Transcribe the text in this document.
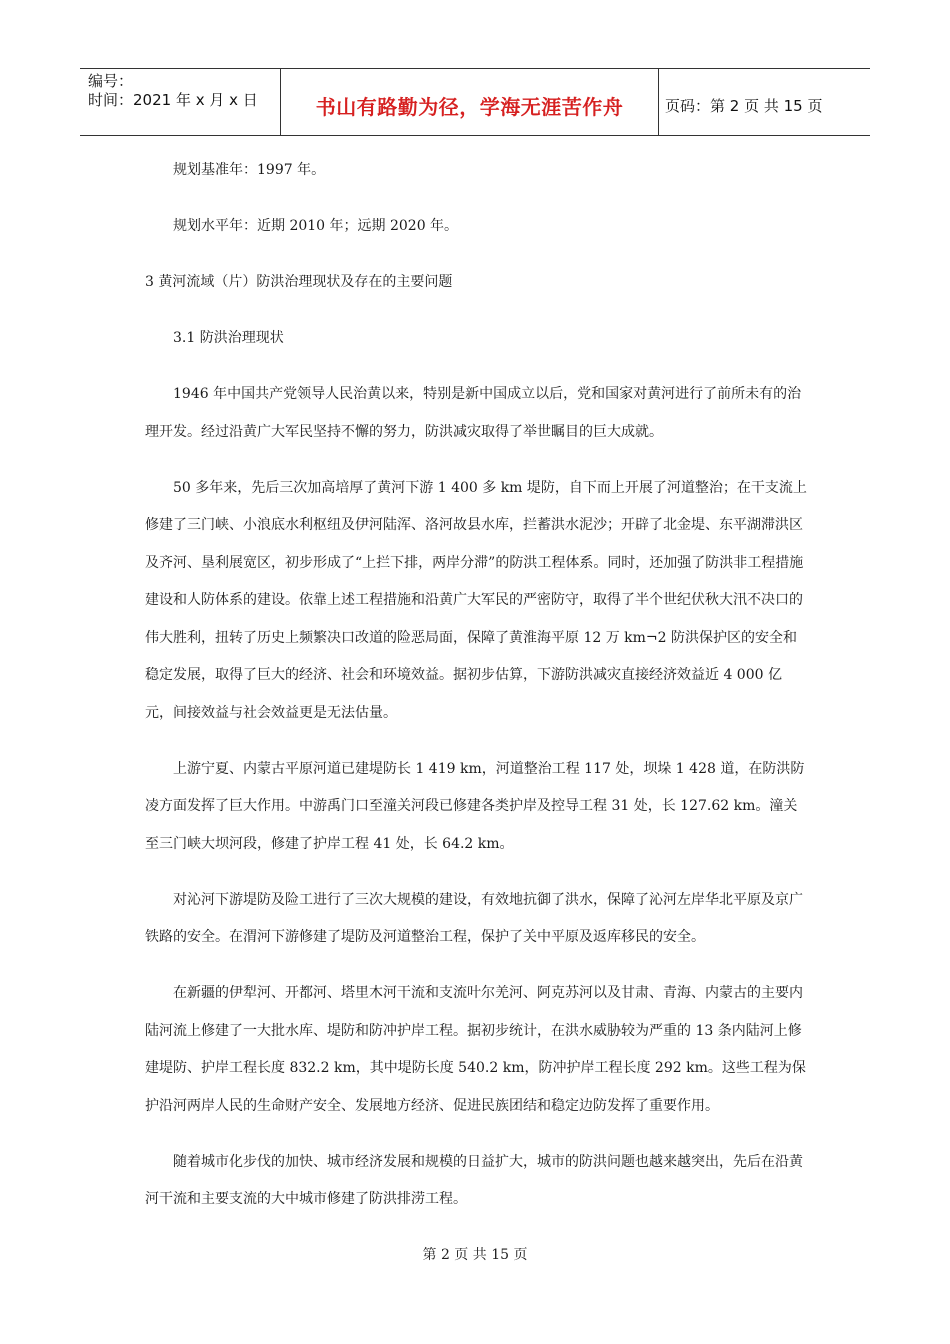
编号：
时间：2021 年 x 月 x 日	书山有路勤为径，学海无涯苦作舟	页码：第 2 页 共 15 页

规划基准年：1997 年。

规划水平年：近期 2010 年；远期 2020 年。

3 黄河流域（片）防洪治理现状及存在的主要问题

3.1 防洪治理现状

1946 年中国共产党领导人民治黄以来，特别是新中国成立以后，党和国家对黄河进行了前所未有的治理开发。经过沿黄广大军民坚持不懈的努力，防洪减灾取得了举世瞩目的巨大成就。

50 多年来，先后三次加高培厚了黄河下游 1 400 多 km 堤防，自下而上开展了河道整治；在干支流上修建了三门峡、小浪底水利枢纽及伊河陆浑、洛河故县水库，拦蓄洪水泥沙；开辟了北金堤、东平湖滞洪区及齐河、垦利展宽区，初步形成了“上拦下排，两岸分滞”的防洪工程体系。同时，还加强了防洪非工程措施建设和人防体系的建设。依靠上述工程措施和沿黄广大军民的严密防守，取得了半个世纪伏秋大汛不决口的伟大胜利，扭转了历史上频繁决口改道的险恶局面，保障了黄淮海平原 12 万 km¬2 防洪保护区的安全和稳定发展，取得了巨大的经济、社会和环境效益。据初步估算，下游防洪减灾直接经济效益近 4 000 亿元，间接效益与社会效益更是无法估量。

上游宁夏、内蒙古平原河道已建堤防长 1 419 km，河道整治工程 117 处，坝垛 1 428 道，在防洪防凌方面发挥了巨大作用。中游禹门口至潼关河段已修建各类护岸及控导工程 31 处，长 127.62 km。潼关至三门峡大坝河段，修建了护岸工程 41 处，长 64.2 km。

对沁河下游堤防及险工进行了三次大规模的建设，有效地抗御了洪水，保障了沁河左岸华北平原及京广铁路的安全。在渭河下游修建了堤防及河道整治工程，保护了关中平原及返库移民的安全。

在新疆的伊犁河、开都河、塔里木河干流和支流叶尔羌河、阿克苏河以及甘肃、青海、内蒙古的主要内陆河流上修建了一大批水库、堤防和防冲护岸工程。据初步统计，在洪水威胁较为严重的 13 条内陆河上修建堤防、护岸工程长度 832.2 km，其中堤防长度 540.2 km，防冲护岸工程长度 292 km。这些工程为保护沿河两岸人民的生命财产安全、发展地方经济、促进民族团结和稳定边防发挥了重要作用。

随着城市化步伐的加快、城市经济发展和规模的日益扩大，城市的防洪问题也越来越突出，先后在沿黄河干流和主要支流的大中城市修建了防洪排涝工程。

第 2 页 共 15 页
